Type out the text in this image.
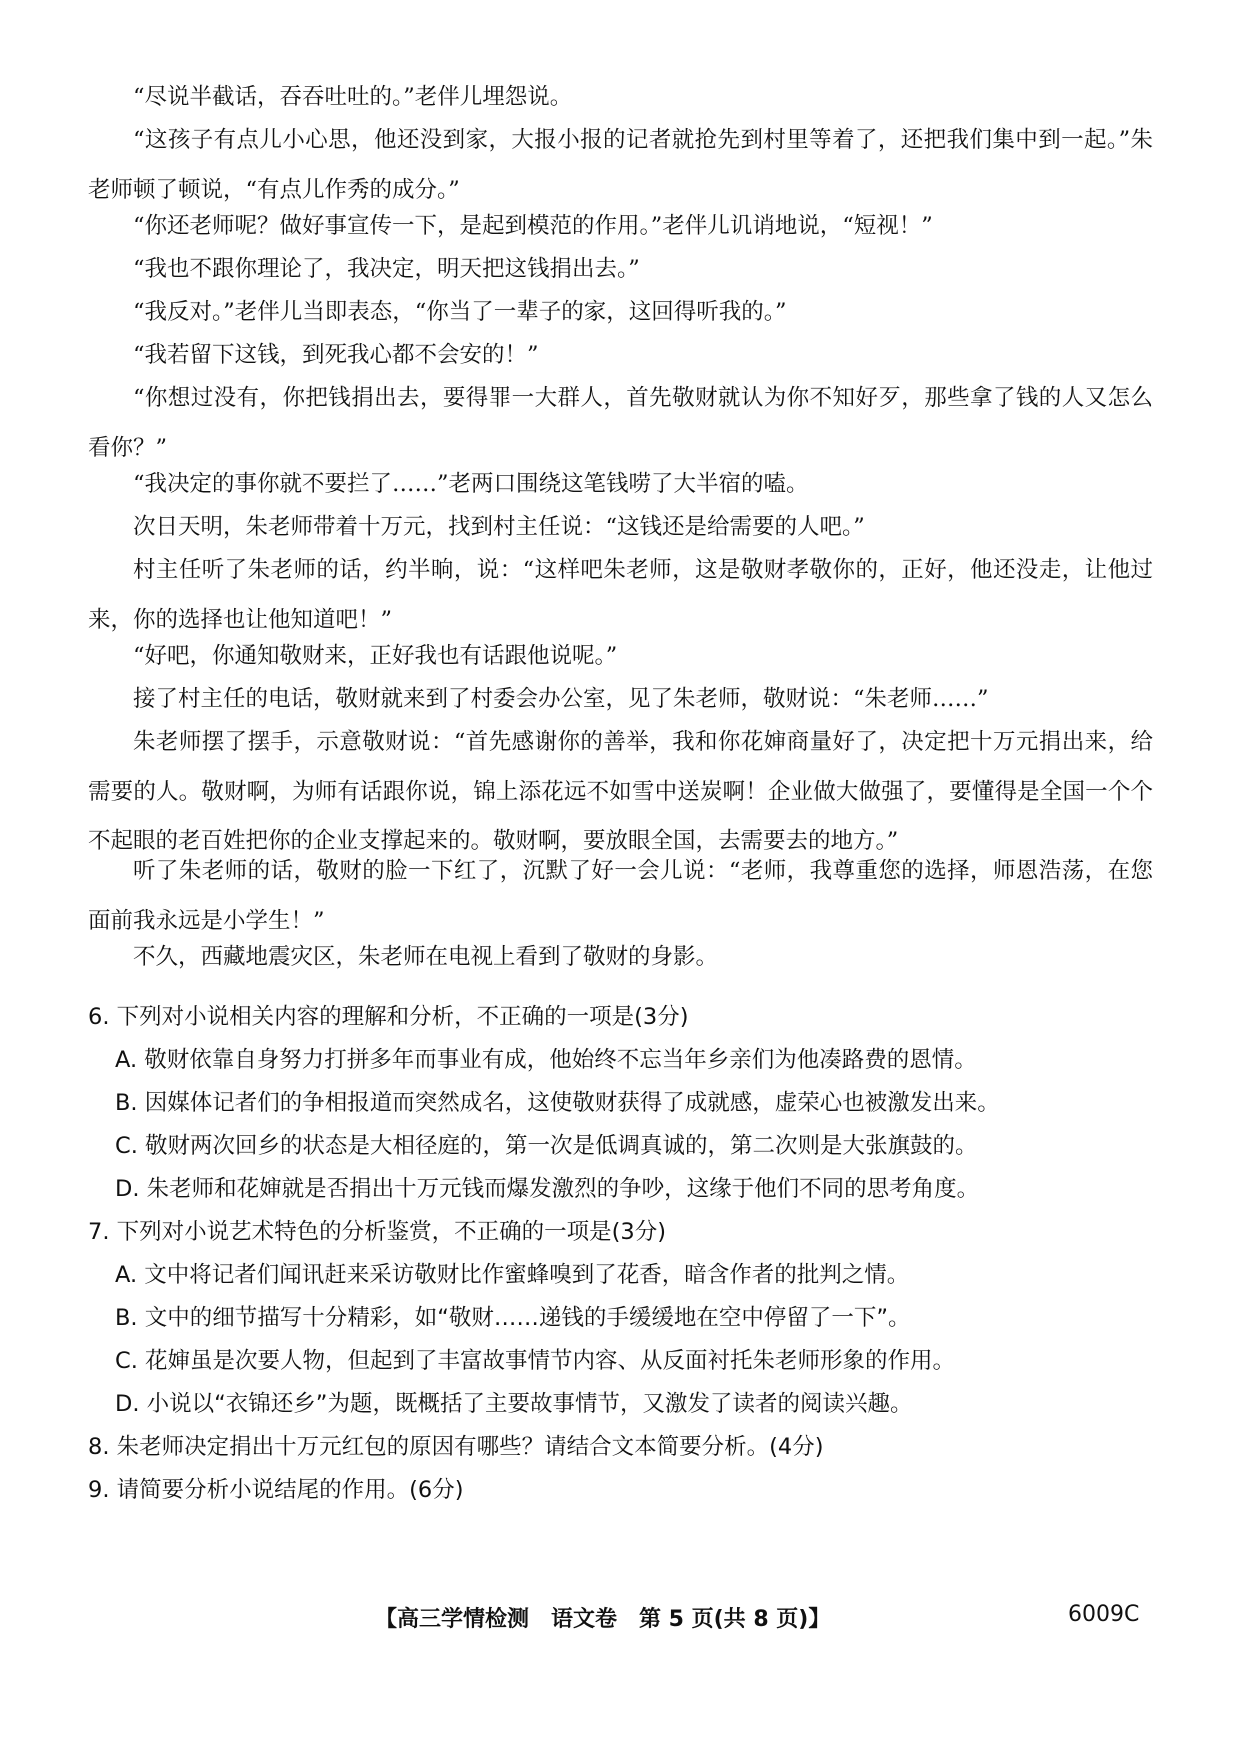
“尽说半截话，吞吞吐吐的。”老伴儿埋怨说。

“这孩子有点儿小心思，他还没到家，大报小报的记者就抢先到村里等着了，还把我们集中到一起。”朱老师顿了顿说，“有点儿作秀的成分。”

“你还老师呢？做好事宣传一下，是起到模范的作用。”老伴儿讥诮地说，“短视！”

“我也不跟你理论了，我决定，明天把这钱捐出去。”

“我反对。”老伴儿当即表态，“你当了一辈子的家，这回得听我的。”

“我若留下这钱，到死我心都不会安的！”

“你想过没有，你把钱捐出去，要得罪一大群人，首先敬财就认为你不知好歹，那些拿了钱的人又怎么看你？”

“我决定的事你就不要拦了……”老两口围绕这笔钱唠了大半宿的嗑。

次日天明，朱老师带着十万元，找到村主任说：“这钱还是给需要的人吧。”

村主任听了朱老师的话，约半晌，说：“这样吧朱老师，这是敬财孝敬你的，正好，他还没走，让他过来，你的选择也让他知道吧！”

“好吧，你通知敬财来，正好我也有话跟他说呢。”

接了村主任的电话，敬财就来到了村委会办公室，见了朱老师，敬财说：“朱老师……”

朱老师摆了摆手，示意敬财说：“首先感谢你的善举，我和你花婶商量好了，决定把十万元捐出来，给需要的人。敬财啊，为师有话跟你说，锦上添花远不如雪中送炭啊！企业做大做强了，要懂得是全国一个个不起眼的老百姓把你的企业支撑起来的。敬财啊，要放眼全国，去需要去的地方。”

听了朱老师的话，敬财的脸一下红了，沉默了好一会儿说：“老师，我尊重您的选择，师恩浩荡，在您面前我永远是小学生！”

不久，西藏地震灾区，朱老师在电视上看到了敬财的身影。

6. 下列对小说相关内容的理解和分析，不正确的一项是(3分)

A. 敬财依靠自身努力打拼多年而事业有成，他始终不忘当年乡亲们为他凑路费的恩情。

B. 因媒体记者们的争相报道而突然成名，这使敬财获得了成就感，虚荣心也被激发出来。

C. 敬财两次回乡的状态是大相径庭的，第一次是低调真诚的，第二次则是大张旗鼓的。

D. 朱老师和花婶就是否捐出十万元钱而爆发激烈的争吵，这缘于他们不同的思考角度。

7. 下列对小说艺术特色的分析鉴赏，不正确的一项是(3分)

A. 文中将记者们闻讯赶来采访敬财比作蜜蜂嗅到了花香，暗含作者的批判之情。

B. 文中的细节描写十分精彩，如“敬财……递钱的手缓缓地在空中停留了一下”。

C. 花婶虽是次要人物，但起到了丰富故事情节内容、从反面衬托朱老师形象的作用。

D. 小说以“衣锦还乡”为题，既概括了主要故事情节，又激发了读者的阅读兴趣。

8. 朱老师决定捐出十万元红包的原因有哪些？请结合文本简要分析。(4分)

9. 请简要分析小说结尾的作用。(6分)

【高三学情检测　语文卷　第 5 页(共 8 页)】	6009C
